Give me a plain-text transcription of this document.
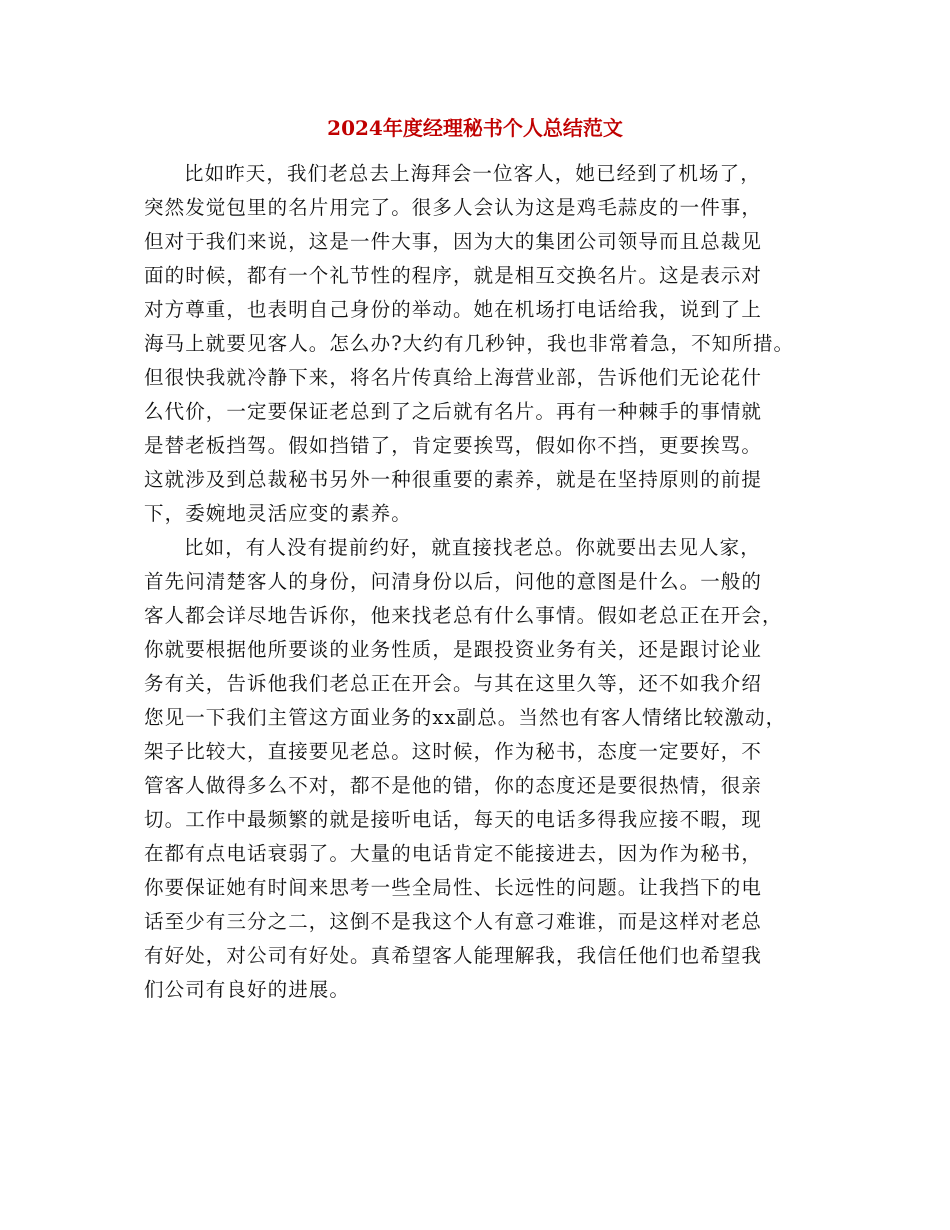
2024年度经理秘书个人总结范文
比如昨天，我们老总去上海拜会一位客人，她已经到了机场了，
突然发觉包里的名片用完了。很多人会认为这是鸡毛蒜皮的一件事，
但对于我们来说，这是一件大事，因为大的集团公司领导而且总裁见
面的时候，都有一个礼节性的程序，就是相互交换名片。这是表示对
对方尊重，也表明自己身份的举动。她在机场打电话给我，说到了上
海马上就要见客人。怎么办?大约有几秒钟，我也非常着急，不知所措。
但很快我就冷静下来，将名片传真给上海营业部，告诉他们无论花什
么代价，一定要保证老总到了之后就有名片。再有一种棘手的事情就
是替老板挡驾。假如挡错了，肯定要挨骂，假如你不挡，更要挨骂。
这就涉及到总裁秘书另外一种很重要的素养，就是在坚持原则的前提
下，委婉地灵活应变的素养。
比如，有人没有提前约好，就直接找老总。你就要出去见人家，
首先问清楚客人的身份，问清身份以后，问他的意图是什么。一般的
客人都会详尽地告诉你，他来找老总有什么事情。假如老总正在开会，
你就要根据他所要谈的业务性质，是跟投资业务有关，还是跟讨论业
务有关，告诉他我们老总正在开会。与其在这里久等，还不如我介绍
您见一下我们主管这方面业务的xx副总。当然也有客人情绪比较激动，
架子比较大，直接要见老总。这时候，作为秘书，态度一定要好，不
管客人做得多么不对，都不是他的错，你的态度还是要很热情，很亲
切。工作中最频繁的就是接听电话，每天的电话多得我应接不暇，现
在都有点电话衰弱了。大量的电话肯定不能接进去，因为作为秘书，
你要保证她有时间来思考一些全局性、长远性的问题。让我挡下的电
话至少有三分之二，这倒不是我这个人有意刁难谁，而是这样对老总
有好处，对公司有好处。真希望客人能理解我，我信任他们也希望我
们公司有良好的进展。
